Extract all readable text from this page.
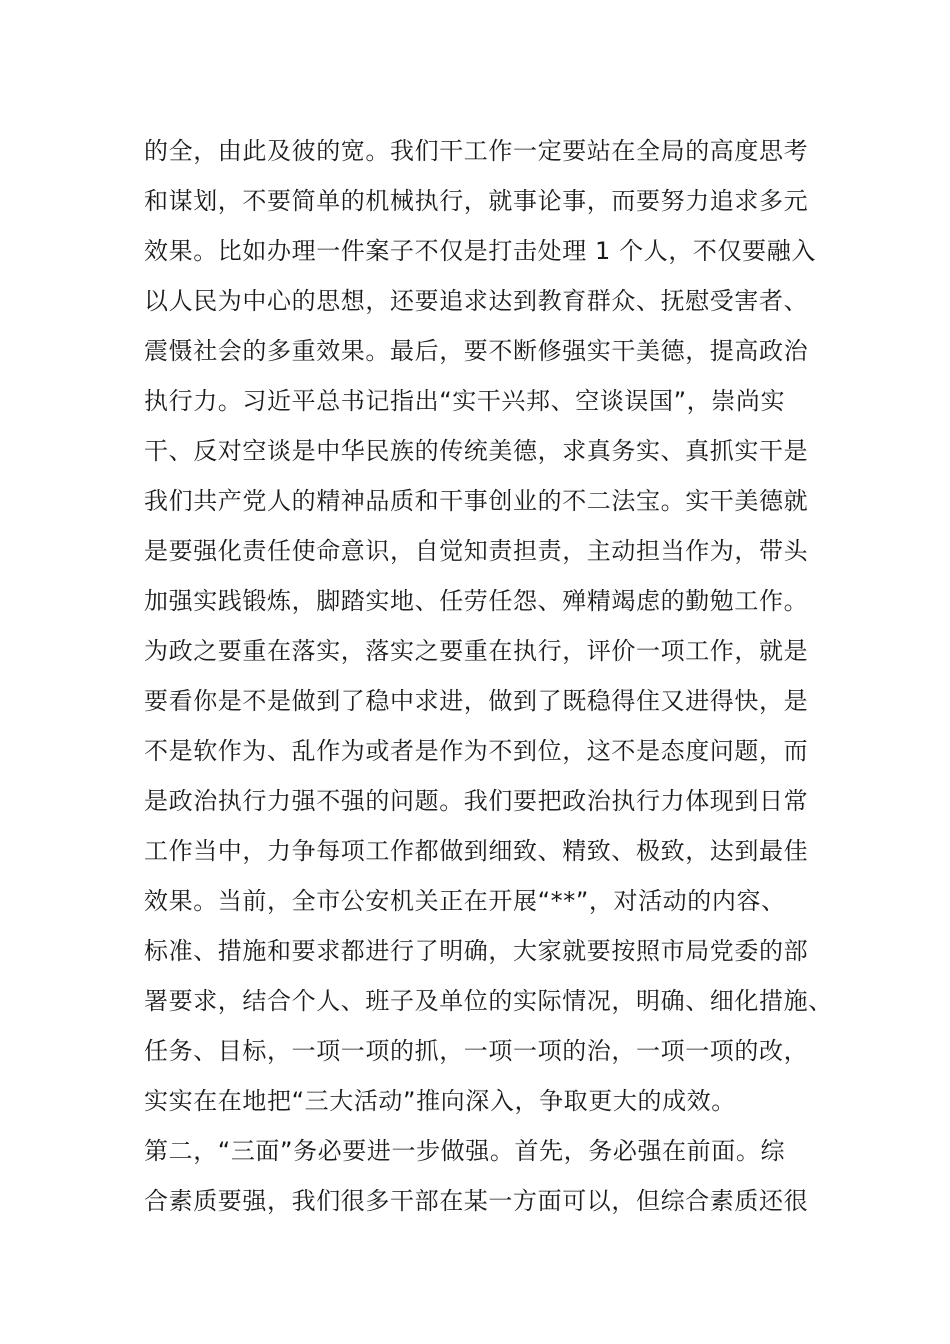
的全，由此及彼的宽。我们干工作一定要站在全局的高度思考
和谋划，不要简单的机械执行，就事论事，而要努力追求多元
效果。比如办理一件案子不仅是打击处理 1 个人，不仅要融入
以人民为中心的思想，还要追求达到教育群众、抚慰受害者、
震慑社会的多重效果。最后，要不断修强实干美德，提高政治
执行力。习近平总书记指出“实干兴邦、空谈误国”，崇尚实
干、反对空谈是中华民族的传统美德，求真务实、真抓实干是
我们共产党人的精神品质和干事创业的不二法宝。实干美德就
是要强化责任使命意识，自觉知责担责，主动担当作为，带头
加强实践锻炼，脚踏实地、任劳任怨、殚精竭虑的勤勉工作。
为政之要重在落实，落实之要重在执行，评价一项工作，就是
要看你是不是做到了稳中求进，做到了既稳得住又进得快，是
不是软作为、乱作为或者是作为不到位，这不是态度问题，而
是政治执行力强不强的问题。我们要把政治执行力体现到日常
工作当中，力争每项工作都做到细致、精致、极致，达到最佳
效果。当前，全市公安机关正在开展“**”，对活动的内容、
标准、措施和要求都进行了明确，大家就要按照市局党委的部
署要求，结合个人、班子及单位的实际情况，明确、细化措施、
任务、目标，一项一项的抓，一项一项的治，一项一项的改，
实实在在地把“三大活动”推向深入，争取更大的成效。
第二，“三面”务必要进一步做强。首先，务必强在前面。综
合素质要强，我们很多干部在某一方面可以，但综合素质还很
